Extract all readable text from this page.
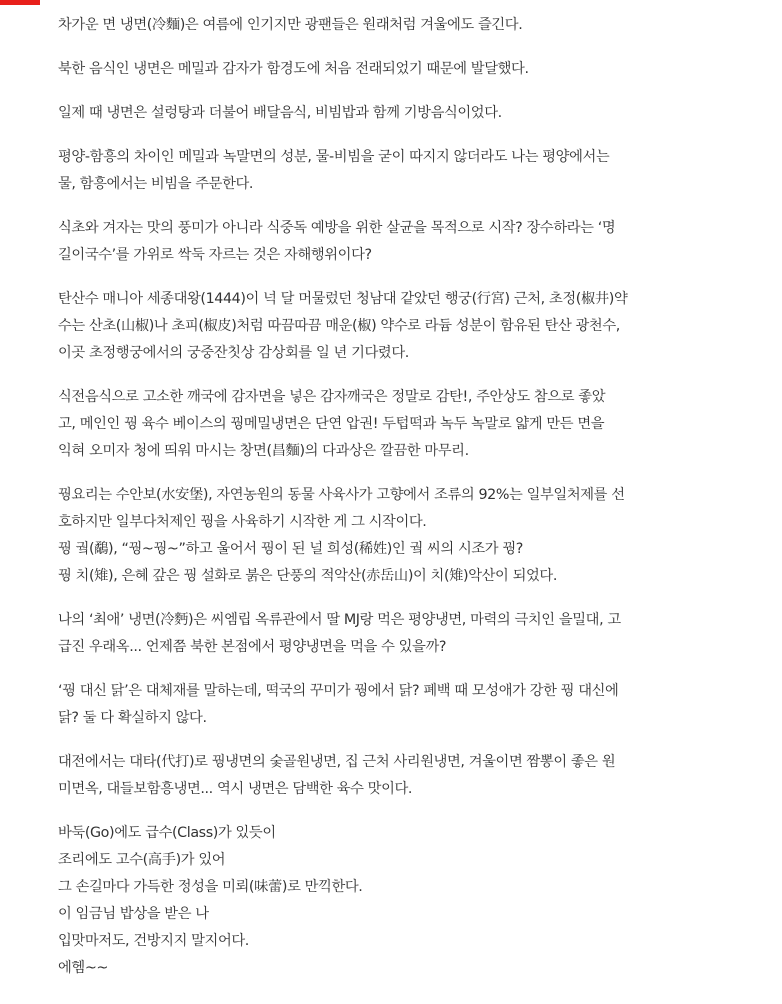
차가운 면 냉면(冷麵)은 여름에 인기지만 광팬들은 원래처럼 겨울에도 즐긴다.

북한 음식인 냉면은 메밀과 감자가 함경도에 처음 전래되었기 때문에 발달했다.

일제 때 냉면은 설렁탕과 더불어 배달음식, 비빔밥과 함께 기방음식이었다.

평양-함흥의 차이인 메밀과 녹말면의 성분, 물-비빔을 굳이 따지지 않더라도 나는 평양에서는
물, 함흥에서는 비빔을 주문한다.

식초와 겨자는 맛의 풍미가 아니라 식중독 예방을 위한 살균을 목적으로 시작? 장수하라는 ‘명
길이국수’를 가위로 싹둑 자르는 것은 자해행위이다?

탄산수 매니아 세종대왕(1444)이 넉 달 머물렀던 청남대 같았던 행궁(行宮) 근처, 초정(椒井)약
수는 산초(山椒)나 초피(椒皮)처럼 따끔따끔 매운(椒) 약수로 라듐 성분이 함유된 탄산 광천수,
이곳 초정행궁에서의 궁중잔칫상 감상회를 일 년 기다렸다.

식전음식으로 고소한 깨국에 감자면을 넣은 감자깨국은 정말로 감탄!, 주안상도 참으로 좋았
고, 메인인 꿩 육수 베이스의 꿩메밀냉면은 단연 압권! 두텁떡과 녹두 녹말로 얇게 만든 면을
익혀 오미자 청에 띄워 마시는 창면(昌麵)의 다과상은 깔끔한 마무리.

꿩요리는 수안보(水安堡), 자연농원의 동물 사육사가 고향에서 조류의 92%는 일부일처제를 선
호하지만 일부다처제인 꿩을 사육하기 시작한 게 그 시작이다.
꿩 궠(鷸), “꿩~꿩~”하고 울어서 꿩이 된 널 희성(稀姓)인 궠 씨의 시조가 꿩?
꿩 치(雉), 은혜 갚은 꿩 설화로 붉은 단풍의 적악산(赤岳山)이 치(雉)악산이 되었다.

나의 ‘최애’ 냉면(冷麪)은 씨엠립 옥류관에서 딸 MJ랑 먹은 평양냉면, 마력의 극치인 을밀대, 고
급진 우래옥... 언제쯤 북한 본점에서 평양냉면을 먹을 수 있을까?

‘꿩 대신 닭’은 대체재를 말하는데, 떡국의 꾸미가 꿩에서 닭? 폐백 때 모성애가 강한 꿩 대신에
닭? 둘 다 확실하지 않다.

대전에서는 대타(代打)로 꿩냉면의 숯골원냉면, 집 근처 사리원냉면, 겨울이면 짬뽕이 좋은 원
미면옥, 대들보함흥냉면... 역시 냉면은 담백한 육수 맛이다.

바둑(Go)에도 급수(Class)가 있듯이
조리에도 고수(高手)가 있어
그 손길마다 가득한 정성을 미뢰(味蕾)로 만끽한다.
이 임금님 밥상을 받은 나
입맛마저도, 건방지지 말지어다.
에헴~~
